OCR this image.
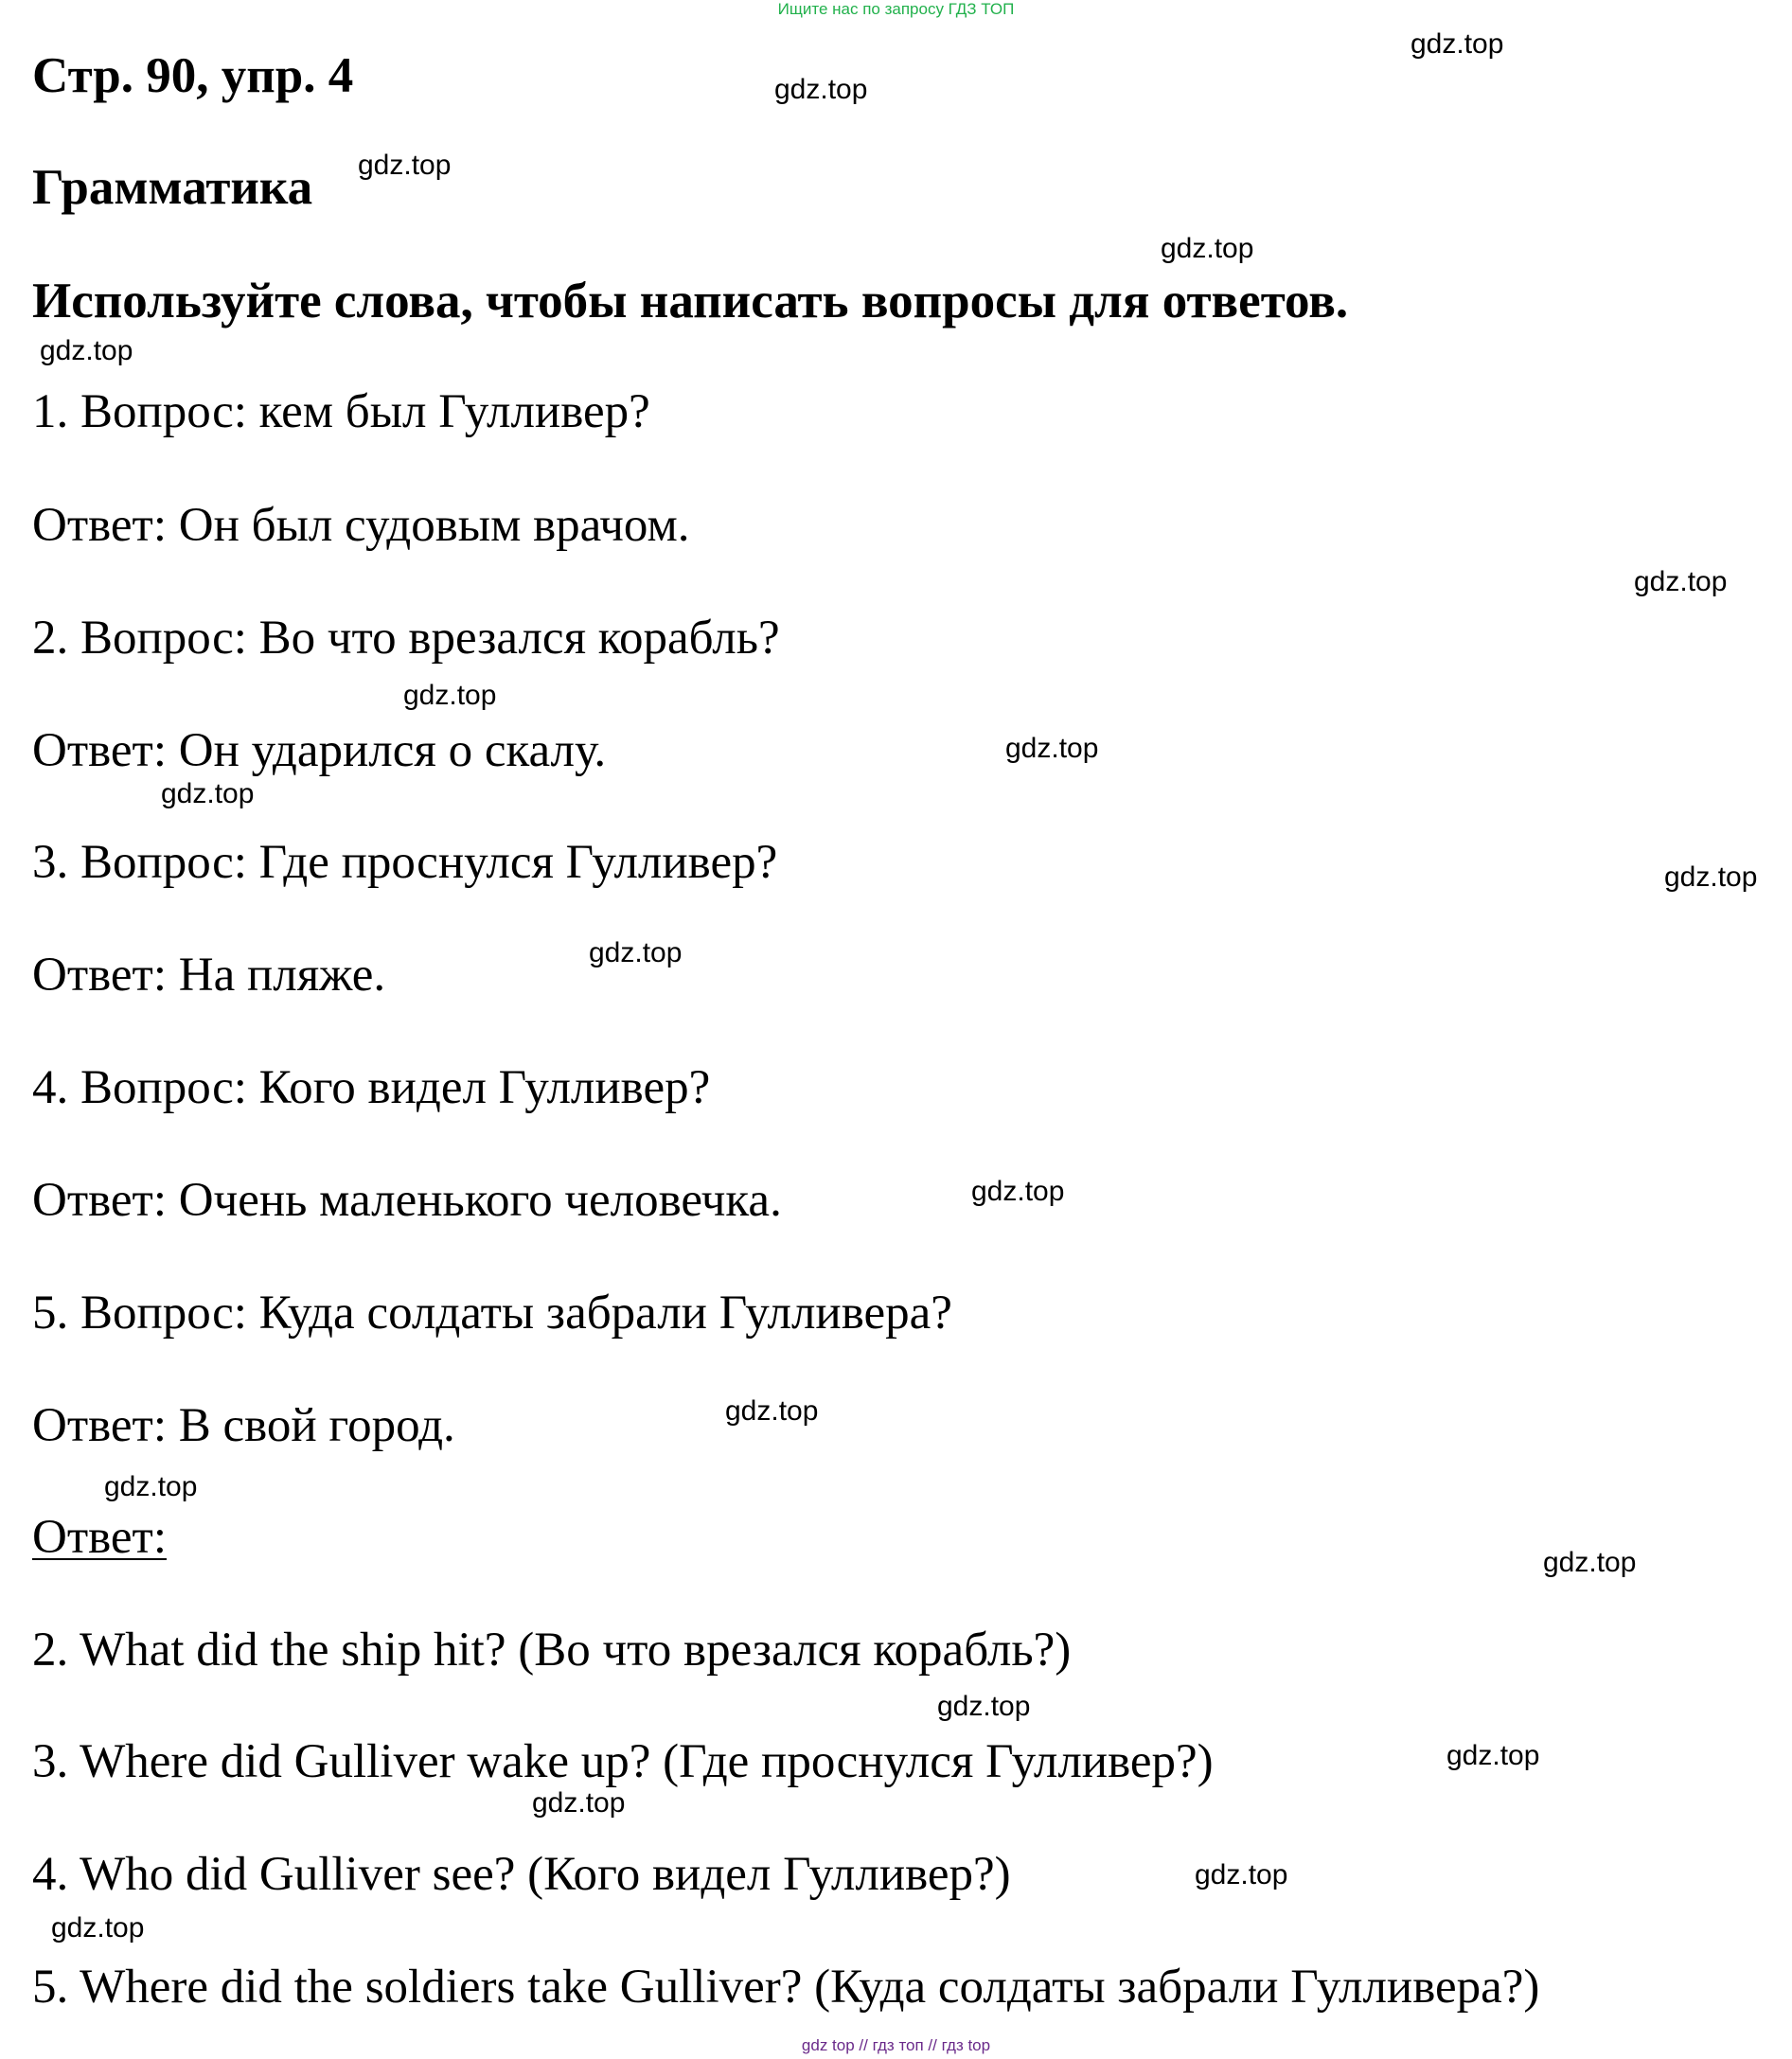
Ищите нас по запросу ГДЗ ТОП
Стр. 90, упр. 4
Грамматика
Используйте слова, чтобы написать вопросы для ответов.
1. Вопрос: кем был Гулливер?
Ответ: Он был судовым врачом.
2. Вопрос: Во что врезался корабль?
Ответ: Он ударился о скалу.
3. Вопрос: Где проснулся Гулливер?
Ответ: На пляже.
4. Вопрос: Кого видел Гулливер?
Ответ: Очень маленького человечка.
5. Вопрос: Куда солдаты забрали Гулливера?
Ответ: В свой город.
Ответ:
2. What did the ship hit? (Во что врезался корабль?)
3. Where did Gulliver wake up? (Где проснулся Гулливер?)
4. Who did Gulliver see? (Кого видел Гулливер?)
5. Where did the soldiers take Gulliver? (Куда солдаты забрали Гулливера?)
gdz.top
gdz.top
gdz.top
gdz.top
gdz.top
gdz.top
gdz.top
gdz.top
gdz.top
gdz.top
gdz.top
gdz.top
gdz.top
gdz.top
gdz.top
gdz.top
gdz.top
gdz.top
gdz.top
gdz.top
gdz top // гдз топ // гдз top
